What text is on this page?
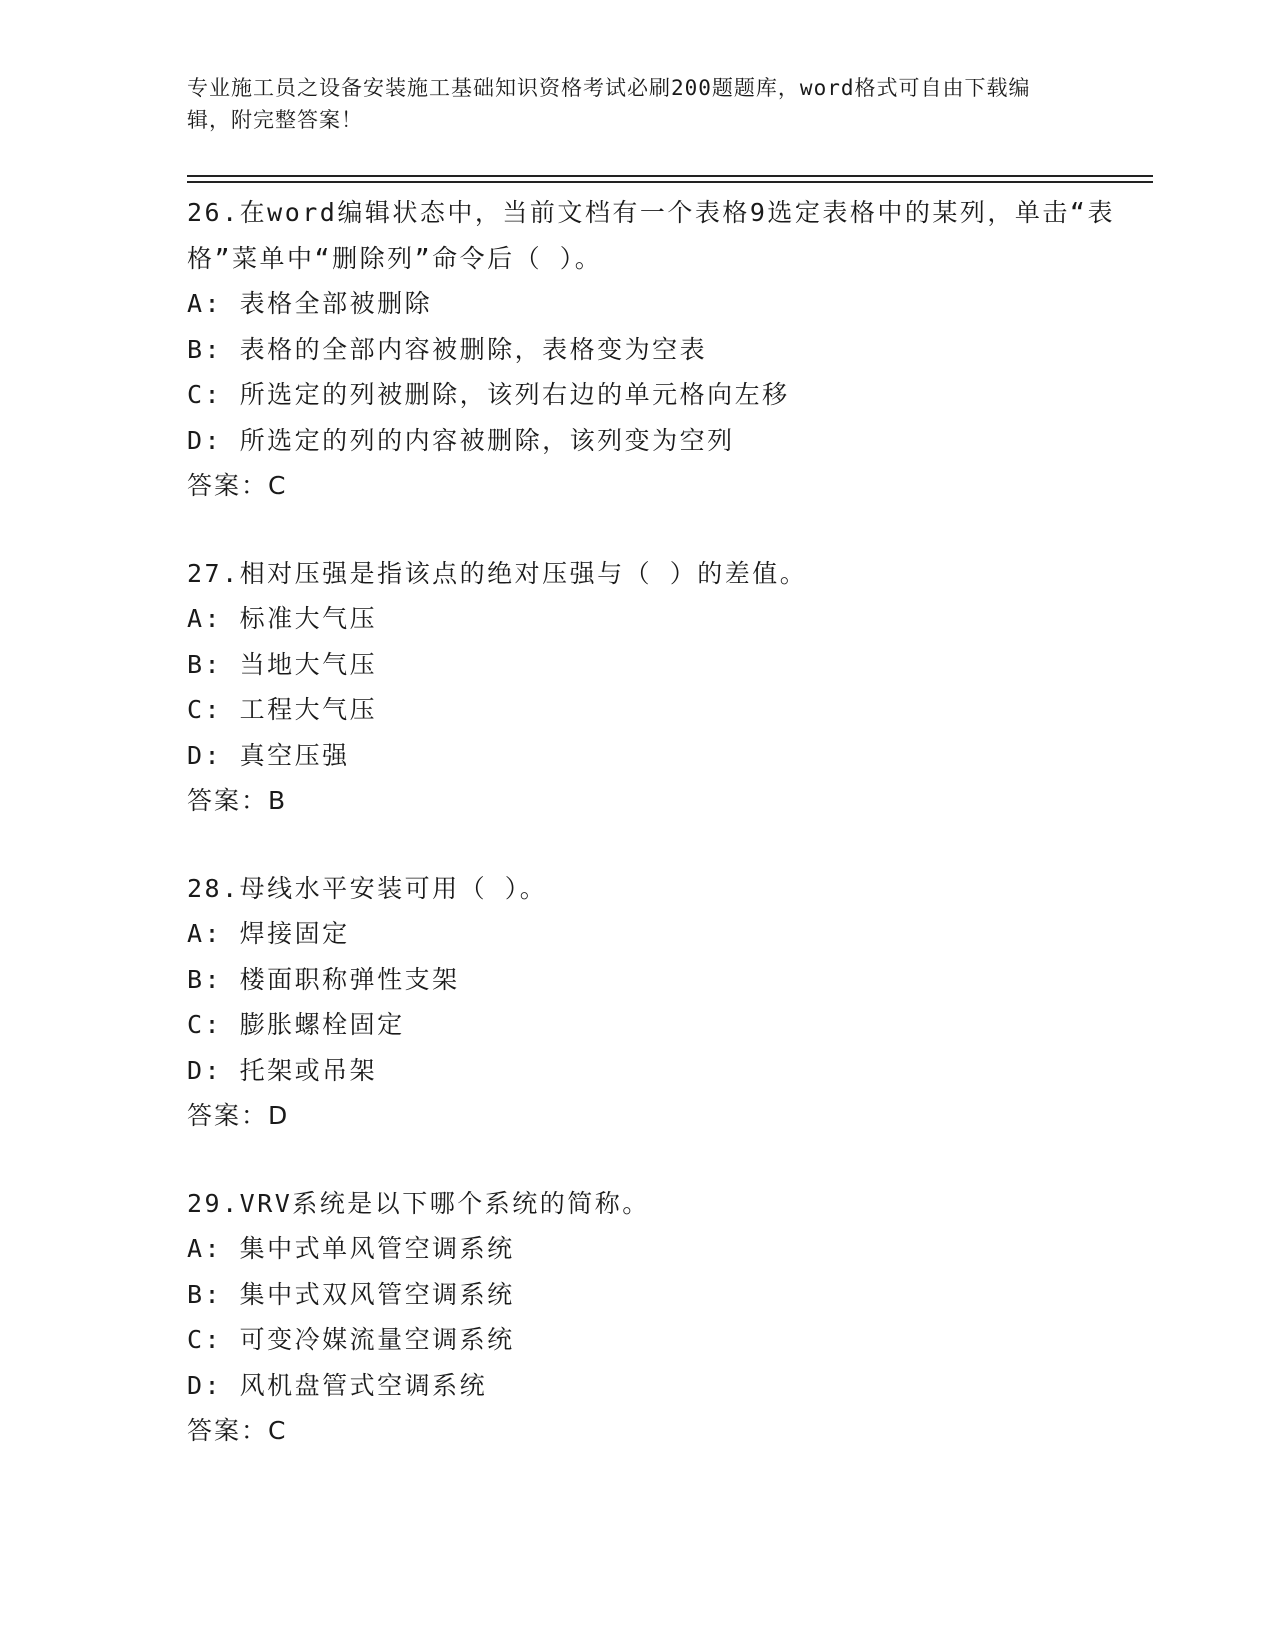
专业施工员之设备安装施工基础知识资格考试必刷200题题库，word格式可自由下载编辑，附完整答案！
26.在word编辑状态中，当前文档有一个表格9选定表格中的某列，单击“表格”菜单中“删除列”命令后（ ）。
A: 表格全部被删除
B: 表格的全部内容被删除，表格变为空表
C: 所选定的列被删除，该列右边的单元格向左移
D: 所选定的列的内容被删除，该列变为空列
答案：C
27.相对压强是指该点的绝对压强与（ ）的差值。
A: 标准大气压
B: 当地大气压
C: 工程大气压
D: 真空压强
答案：B
28.母线水平安装可用（ ）。
A: 焊接固定
B: 楼面职称弹性支架
C: 膨胀螺栓固定
D: 托架或吊架
答案：D
29.VRV系统是以下哪个系统的简称。
A: 集中式单风管空调系统
B: 集中式双风管空调系统
C: 可变冷媒流量空调系统
D: 风机盘管式空调系统
答案：C
